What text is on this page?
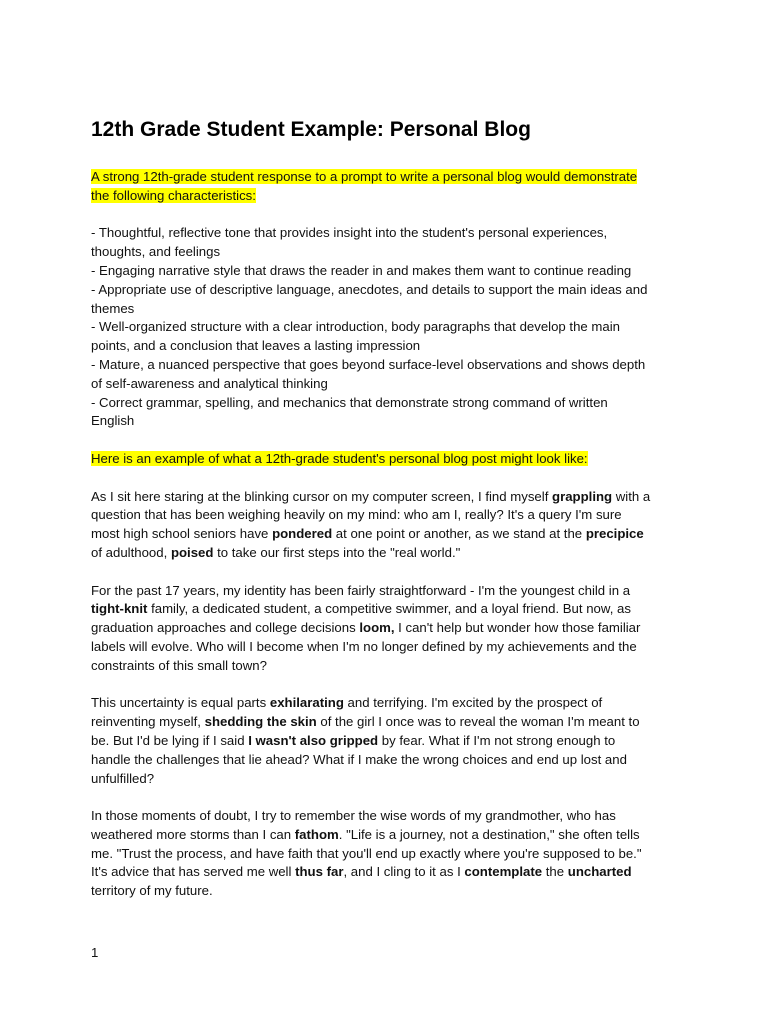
12th Grade Student Example: Personal Blog

A strong 12th-grade student response to a prompt to write a personal blog would demonstrate
the following characteristics:

- Thoughtful, reflective tone that provides insight into the student's personal experiences,
thoughts, and feelings
- Engaging narrative style that draws the reader in and makes them want to continue reading
- Appropriate use of descriptive language, anecdotes, and details to support the main ideas and
themes
- Well-organized structure with a clear introduction, body paragraphs that develop the main
points, and a conclusion that leaves a lasting impression
- Mature, a nuanced perspective that goes beyond surface-level observations and shows depth
of self-awareness and analytical thinking
- Correct grammar, spelling, and mechanics that demonstrate strong command of written
English

Here is an example of what a 12th-grade student's personal blog post might look like:

As I sit here staring at the blinking cursor on my computer screen, I find myself grappling with a
question that has been weighing heavily on my mind: who am I, really? It's a query I'm sure
most high school seniors have pondered at one point or another, as we stand at the precipice
of adulthood, poised to take our first steps into the "real world."

For the past 17 years, my identity has been fairly straightforward - I'm the youngest child in a
tight-knit family, a dedicated student, a competitive swimmer, and a loyal friend. But now, as
graduation approaches and college decisions loom, I can't help but wonder how those familiar
labels will evolve. Who will I become when I'm no longer defined by my achievements and the
constraints of this small town?

This uncertainty is equal parts exhilarating and terrifying. I'm excited by the prospect of
reinventing myself, shedding the skin of the girl I once was to reveal the woman I'm meant to
be. But I'd be lying if I said I wasn't also gripped by fear. What if I'm not strong enough to
handle the challenges that lie ahead? What if I make the wrong choices and end up lost and
unfulfilled?

In those moments of doubt, I try to remember the wise words of my grandmother, who has
weathered more storms than I can fathom. "Life is a journey, not a destination," she often tells
me. "Trust the process, and have faith that you'll end up exactly where you're supposed to be."
It's advice that has served me well thus far, and I cling to it as I contemplate the uncharted
territory of my future.

1
